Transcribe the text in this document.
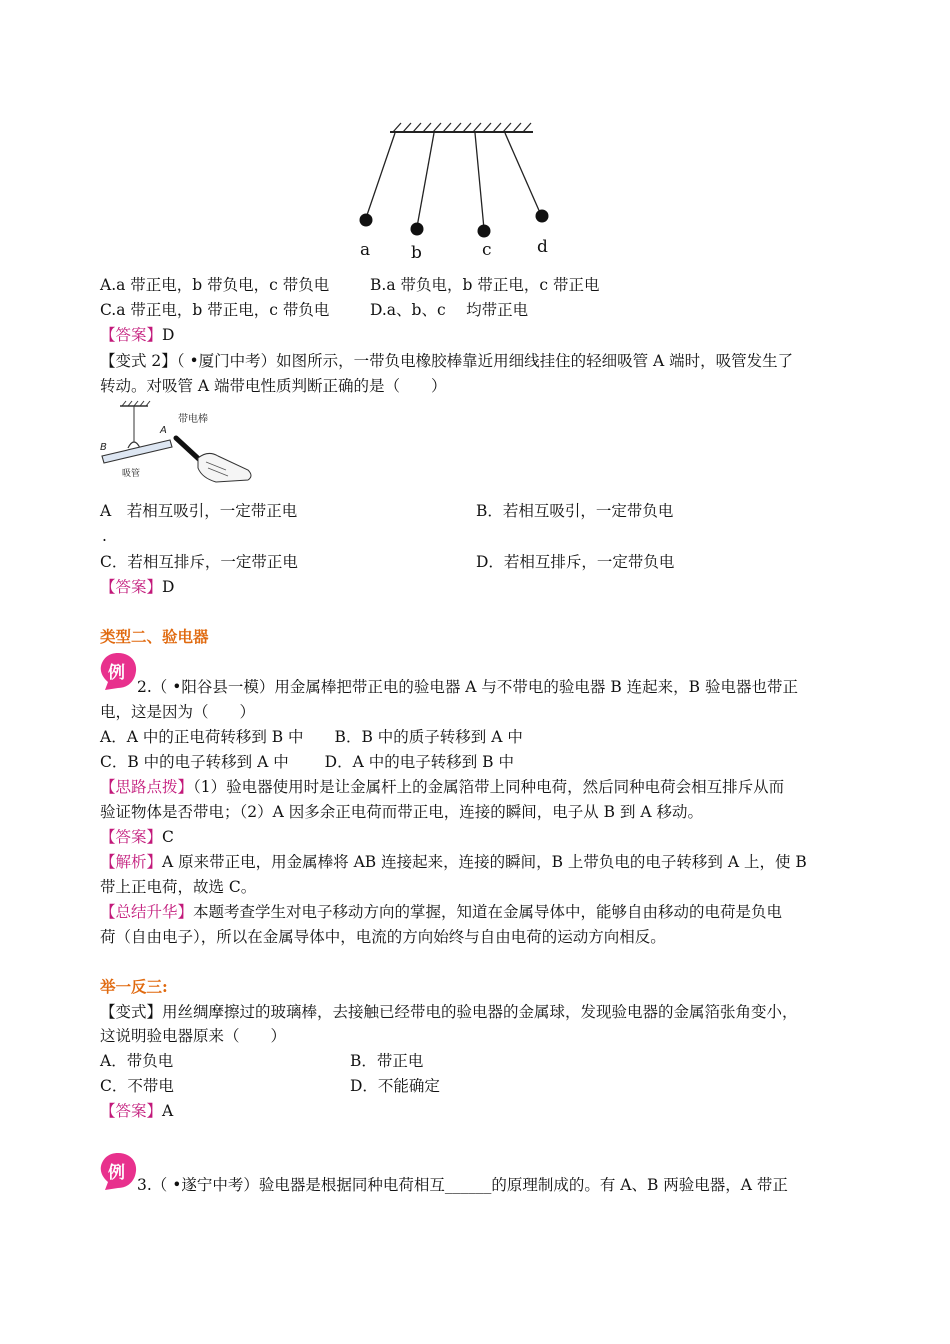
a b	c	d
A.a 带正电，b 带负电，c 带负电	B.a 带负电，b 带正电，c 带正电
C.a 带正电，b 带正电，c 带负电	D.a、b、c　 均带正电
【答案】D
【变式 2】（ •厦门中考）如图所示，一带负电橡胶棒靠近用细线挂住的轻细吸管 A 端时，吸管发生了
转动。对吸管 A 端带电性质判断正确的是（　　）
B
A
吸管
带电棒
A　若相互吸引，一定带正电	B．若相互吸引，一定带负电
.
C．若相互排斥，一定带正电	D．若相互排斥，一定带负电
【答案】D
类型二、验电器
例
2.（ •阳谷县一模）用金属棒把带正电的验电器 A 与不带电的验电器 B 连起来，B 验电器也带正
电，这是因为（　　）
A．A 中的正电荷转移到 B 中　　B．B 中的质子转移到 A 中
C．B 中的电子转移到 A 中　　 D．A 中的电子转移到 B 中
【思路点拨】（1）验电器使用时是让金属杆上的金属箔带上同种电荷，然后同种电荷会相互排斥从而
验证物体是否带电；（2）A 因多余正电荷而带正电，连接的瞬间，电子从 B 到 A 移动。
【答案】C
【解析】A 原来带正电，用金属棒将 AB 连接起来，连接的瞬间，B 上带负电的电子转移到 A 上，使 B
带上正电荷，故选 C。
【总结升华】本题考查学生对电子移动方向的掌握，知道在金属导体中，能够自由移动的电荷是负电
荷（自由电子），所以在金属导体中，电流的方向始终与自由电荷的运动方向相反。
举一反三:
【变式】用丝绸摩擦过的玻璃棒，去接触已经带电的验电器的金属球，发现验电器的金属箔张角变小，
这说明验电器原来（　　）
A．带负电	B．带正电
C．不带电	D．不能确定
【答案】A
例
3.（ •遂宁中考）验电器是根据同种电荷相互______的原理制成的。有 A、B 两验电器，A 带正
